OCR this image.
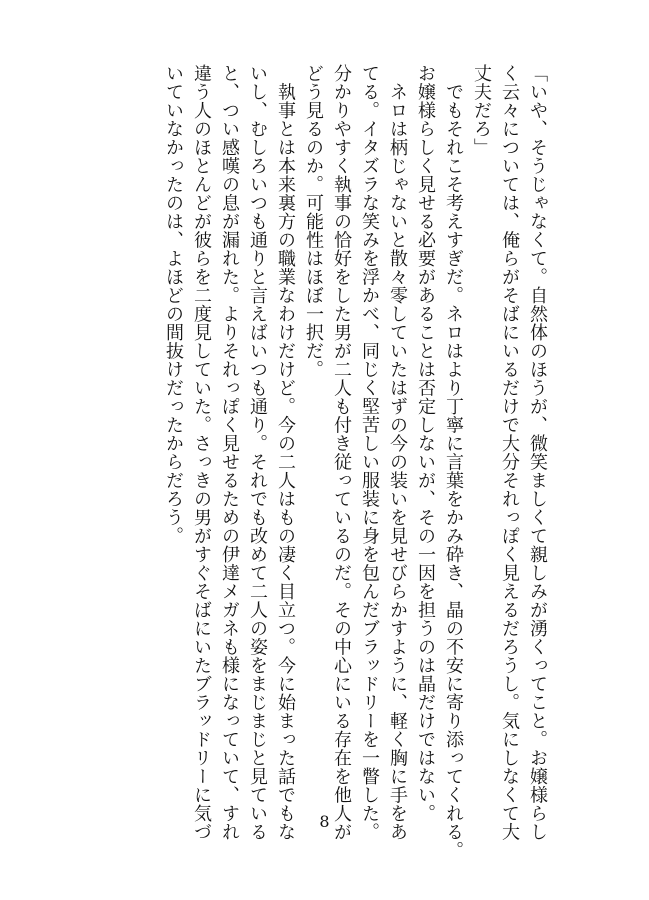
「いや、そうじゃなくて。自然体のほうが、微笑ましくて親しみが湧くってこと。お嬢様らし
く云々については、俺らがそばにいるだけで大分それっぽく見えるだろうし。気にしなくて大
丈夫だろ」
　でもそれこそ考えすぎだ。ネロはより丁寧に言葉をかみ砕き、晶の不安に寄り添ってくれる。
お嬢様らしく見せる必要があることは否定しないが、その一因を担うのは晶だけではない。
　ネロは柄じゃないと散々零していたはずの今の装いを見せびらかすように、軽く胸に手をあ
てる。イタズラな笑みを浮かべ、同じく堅苦しい服装に身を包んだブラッドリーを一瞥した。
分かりやすく執事の恰好をした男が二人も付き従っているのだ。その中心にいる存在を他人が
どう見るのか。可能性はほぼ一択だ。
　執事とは本来裏方の職業なわけだけど。今の二人はもの凄く目立つ。今に始まった話でもな
いし、むしろいつも通りと言えばいつも通り。それでも改めて二人の姿をまじまじと見ている
と、つい感嘆の息が漏れた。よりそれっぽく見せるための伊達メガネも様になっていて、すれ
違う人のほとんどが彼らを二度見していた。さっきの男がすぐそばにいたブラッドリーに気づ
いていなかったのは、よほどの間抜けだったからだろう。
8
